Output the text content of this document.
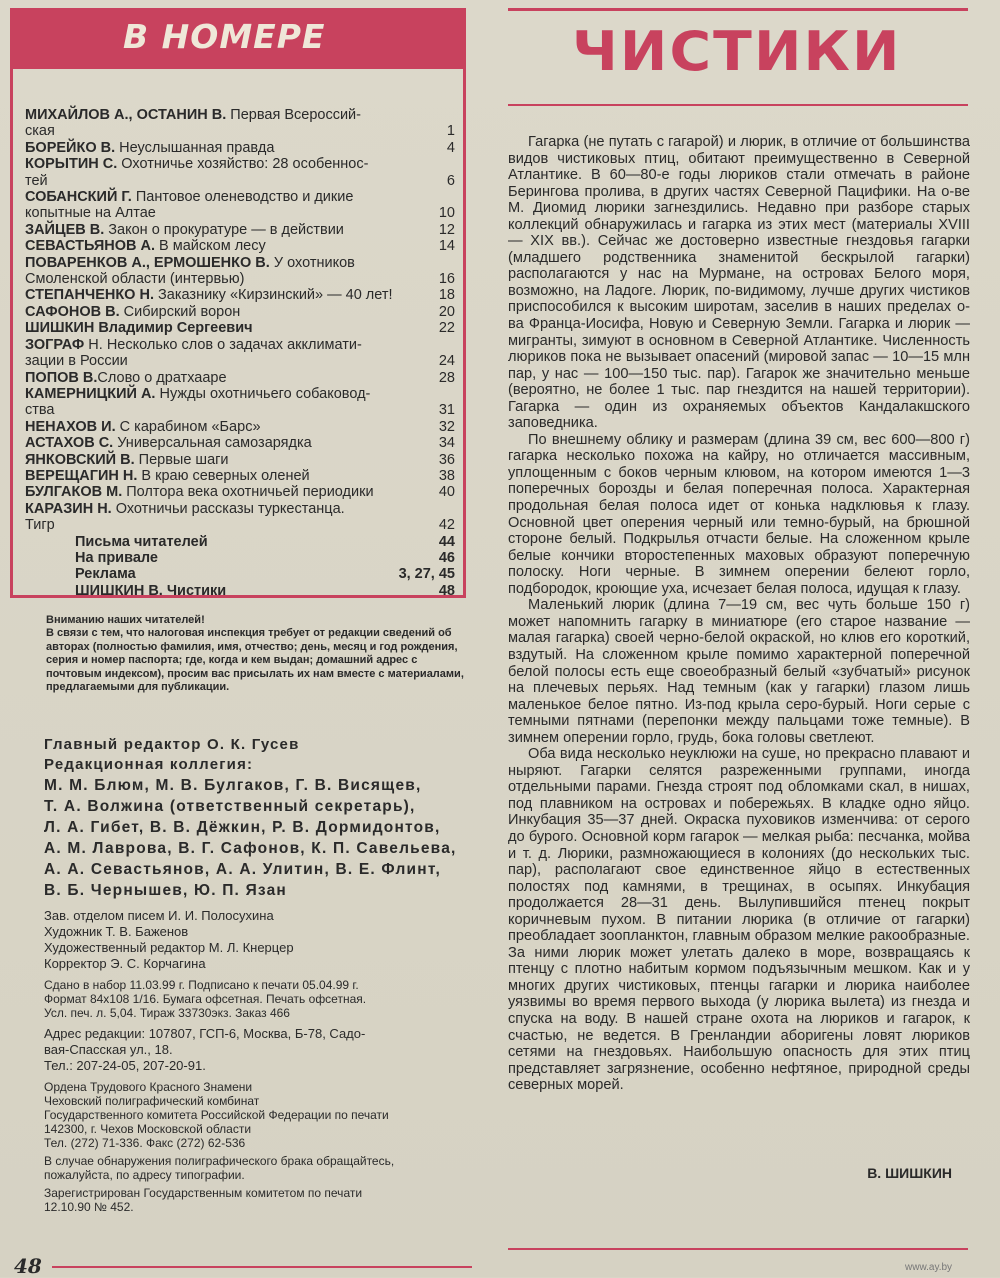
В НОМЕРЕ
МИХАЙЛОВ А., ОСТАНИН В. Первая Всероссий-
ская	1
БОРЕЙКО В. Неуслышанная правда	4
КОРЫТИН С. Охотничье хозяйство: 28 особеннос-
тей	6
СОБАНСКИЙ Г. Пантовое оленеводство и дикие
копытные на Алтае	10
ЗАЙЦЕВ В. Закон о прокуратуре — в действии	12
СЕВАСТЬЯНОВ А. В майском лесу	14
ПОВАРЕНКОВ А., ЕРМОШЕНКО В. У охотников
Смоленской области (интервью)	16
СТЕПАНЧЕНКО Н. Заказнику «Кирзинский» — 40 лет!	18
САФОНОВ В. Сибирский ворон	20
ШИШКИН Владимир Сергеевич	22
ЗОГРАФ Н. Несколько слов о задачах акклимати-
зации в России	24
ПОПОВ В.Слово о дратхааре	28
КАМЕРНИЦКИЙ А. Нужды охотничьего собаковод-
ства	31
НЕНАХОВ И. С карабином «Барс»	32
АСТАХОВ С. Универсальная самозарядка	34
ЯНКОВСКИЙ В. Первые шаги	36
ВЕРЕЩАГИН Н. В краю северных оленей	38
БУЛГАКОВ М. Полтора века охотничьей периодики	40
КАРАЗИН Н. Охотничьи рассказы туркестанца.
Тигр	42
Письма читателей	44
На привале	46
Реклама	3, 27, 45
ШИШКИН В. Чистики	48
Вниманию наших читателей!
В связи с тем, что налоговая инспекция требует от редакции сведений об авторах (полностью фамилия, имя, отчество; день, месяц и год рождения, серия и номер паспорта; где, когда и кем выдан; домашний адрес с почтовым индексом), просим вас присылать их нам вместе с материалами, предлагаемыми для публикации.
Главный редактор О. К. Гусев
Редакционная коллегия:
М. М. Блюм, М. В. Булгаков, Г. В. Висящев,
Т. А. Волжина (ответственный секретарь),
Л. А. Гибет, В. В. Дёжкин, Р. В. Дормидонтов,
А. М. Лаврова, В. Г. Сафонов, К. П. Савельева,
А. А. Севастьянов, А. А. Улитин, В. Е. Флинт,
В. Б. Чернышев, Ю. П. Язан
Зав. отделом писем И. И. Полосухина
Художник Т. В. Баженов
Художественный редактор М. Л. Кнерцер
Корректор Э. С. Корчагина
Сдано в набор 11.03.99 г. Подписано к печати 05.04.99 г.
Формат 84х108 1/16. Бумага офсетная. Печать офсетная.
Усл. печ. л. 5,04. Тираж 33730экз. Заказ 466
Адрес редакции: 107807, ГСП-6, Москва, Б-78, Садо-
вая-Спасская ул., 18.
Тел.: 207-24-05, 207-20-91.
Ордена Трудового Красного Знамени
Чеховский полиграфический комбинат
Государственного комитета Российской Федерации по печати
142300, г. Чехов Московской области
Тел. (272) 71-336. Факс (272) 62-536
В случае обнаружения полиграфического брака обращайтесь,
пожалуйста, по адресу типографии.
Зарегистрирован Государственным комитетом по печати
12.10.90 № 452.
48
ЧИСТИКИ

Гагарка (не путать с гагарой) и люрик, в отличие от большинства видов чистиковых птиц, обитают преимущественно в Северной Атлантике. В 60—80-е годы люриков стали отмечать в районе Берингова пролива, в других частях Северной Пацифики. На о-ве М. Диомид люрики загнездились. Недавно при разборе старых коллекций обнаружилась и гагарка из этих мест (материалы XVIII — XIX вв.). Сейчас же достоверно известные гнездовья гагарки (младшего родственника знаменитой бескрылой гагарки) располагаются у нас на Мурмане, на островах Белого моря, возможно, на Ладоге. Люрик, по-видимому, лучше других чистиков приспособился к высоким широтам, заселив в наших пределах о-ва Франца-Иосифа, Новую и Северную Земли. Гагарка и люрик — мигранты, зимуют в основном в Северной Атлантике. Численность люриков пока не вызывает опасений (мировой запас — 10—15 млн пар, у нас — 100—150 тыс. пар). Гагарок же значительно меньше (вероятно, не более 1 тыс. пар гнездится на нашей территории). Гагарка — один из охраняемых объектов Кандалакшского заповедника.

По внешнему облику и размерам (длина 39 см, вес 600—800 г) гагарка несколько похожа на кайру, но отличается массивным, уплощенным с боков черным клювом, на котором имеются 1—3 поперечных борозды и белая поперечная полоса. Характерная продольная белая полоса идет от конька надклювья к глазу. Основной цвет оперения черный или темно-бурый, на брюшной стороне белый. Подкрылья отчасти белые. На сложенном крыле белые кончики второстепенных маховых образуют поперечную полоску. Ноги черные. В зимнем оперении белеют горло, подбородок, кроющие уха, исчезает белая полоса, идущая к глазу.

Маленький люрик (длина 7—19 см, вес чуть больше 150 г) может напомнить гагарку в миниатюре (его старое название — малая гагарка) своей черно-белой окраской, но клюв его короткий, вздутый. На сложенном крыле помимо характерной поперечной белой полосы есть еще своеобразный белый «зубчатый» рисунок на плечевых перьях. Над темным (как у гагарки) глазом лишь маленькое белое пятно. Из-под крыла серо-бурый. Ноги серые с темными пятнами (перепонки между пальцами тоже темные). В зимнем оперении горло, грудь, бока головы светлеют.

Оба вида несколько неуклюжи на суше, но прекрасно плавают и ныряют. Гагарки селятся разреженными группами, иногда отдельными парами. Гнезда строят под обломками скал, в нишах, под плавником на островах и побережьях. В кладке одно яйцо. Инкубация 35—37 дней. Окраска пуховиков изменчива: от серого до бурого. Основной корм гагарок — мелкая рыба: песчанка, мойва и т. д. Люрики, размножающиеся в колониях (до нескольких тыс. пар), располагают свое единственное яйцо в естественных полостях под камнями, в трещинах, в осыпях. Инкубация продолжается 28—31 день. Вылупившийся птенец покрыт коричневым пухом. В питании люрика (в отличие от гагарки) преобладает зоопланктон, главным образом мелкие ракообразные. За ними люрик может улетать далеко в море, возвращаясь к птенцу с плотно набитым кормом подъязычным мешком. Как и у многих других чистиковых, птенцы гагарки и люрика наиболее уязвимы во время первого выхода (у люрика вылета) из гнезда и спуска на воду. В нашей стране охота на люриков и гагарок, к счастью, не ведется. В Гренландии аборигены ловят люриков сетями на гнездовьях. Наибольшую опасность для этих птиц представляет загрязнение, особенно нефтяное, природной среды северных морей.

В. ШИШКИН
www.ay.by
